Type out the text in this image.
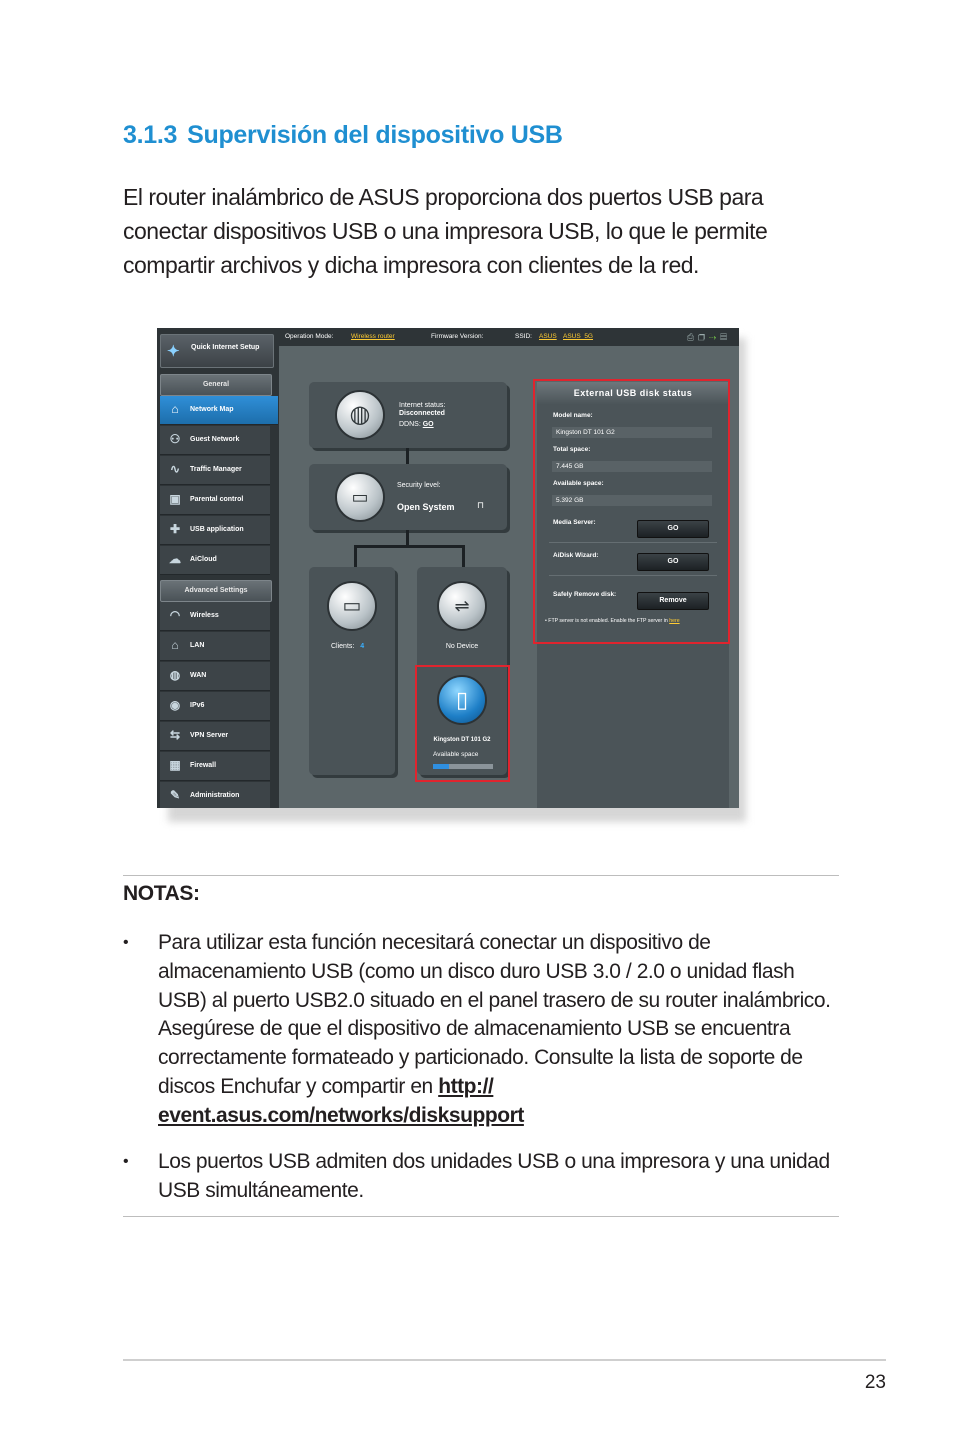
3.1.3 Supervisión del dispositivo USB

El router inalámbrico de ASUS proporciona dos puertos USB para conectar dispositivos USB o una impresora USB, lo que le permite compartir archivos y dicha impresora con clientes de la red.

✦ Quick Internet Setup
General
⌂	Network Map
⚇	Guest Network
∿	Traffic Manager
▣	Parental control
✚	USB application
☁	AiCloud
Advanced Settings
◠	Wireless
⌂	LAN
◍	WAN
◉	IPv6
⇆	VPN Server
▦	Firewall
✎	Administration
Operation Mode:	Wireless router	Firmware Version:	SSID: ASUS ASUS_5G	⎙❐⇢▤
◍	Internet status:
Disconnected
DDNS: GO
▭
Security level:
Open System ⊓
▭
Clients: 4
⇌
No Device
▯
Kingston DT 101 G2
Available space
External USB disk status
Model name:
Kingston DT 101 G2
Total space:
7.445 GB
Available space:
5.392 GB
Media Server:
GO
AiDisk Wizard:
GO
Safely Remove disk:
Remove
• FTP server is not enabled. Enable the FTP server in here
NOTAS:
• Para utilizar esta función necesitará conectar un dispositivo de almacenamiento USB (como un disco duro USB 3.0 / 2.0 o unidad flash USB) al puerto USB2.0 situado en el panel trasero de su router inalámbrico. Asegúrese de que el dispositivo de almacenamiento USB se encuentra correctamente formateado y particionado. Consulte la lista de soporte de discos Enchufar y compartir en http:// event.asus.com/networks/disksupport

• Los puertos USB admiten dos unidades USB o una impresora y una unidad USB simultáneamente.

23
